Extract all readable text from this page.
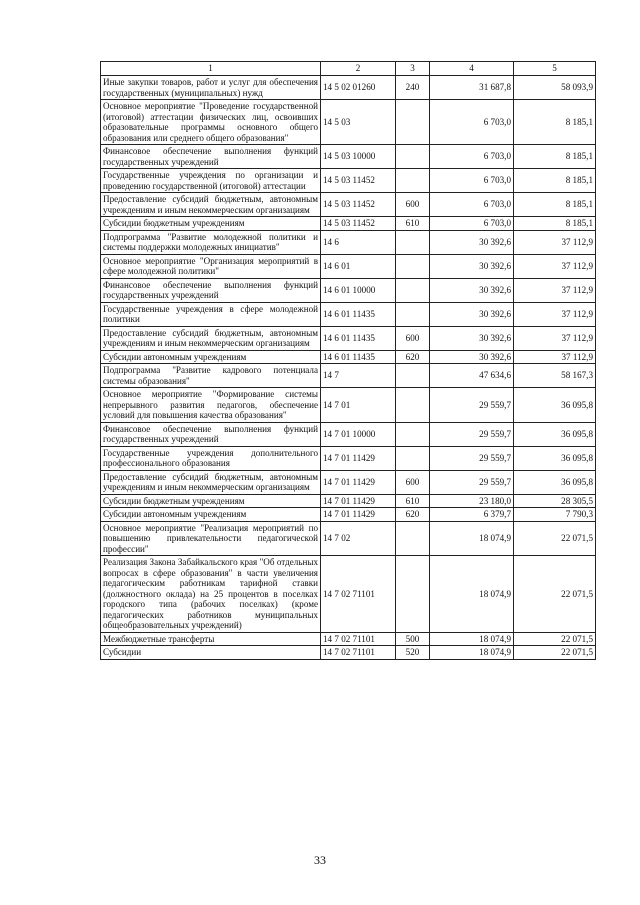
1	2	3	4	5
Иные закупки товаров, работ и услуг для обеспечения государственных (муниципальных) нужд	14 5 02 01260	240	31 687,8	58 093,9
Основное мероприятие "Проведение государственной (итоговой) аттестации физических лиц, освоивших образовательные программы основного общего образования или среднего общего образования"	14 5 03		6 703,0	8 185,1
Финансовое обеспечение выполнения функций государственных учреждений	14 5 03 10000		6 703,0	8 185,1
Государственные учреждения по организации и проведению государственной (итоговой) аттестации	14 5 03 11452		6 703,0	8 185,1
Предоставление субсидий бюджетным, автономным учреждениям и иным некоммерческим организациям	14 5 03 11452	600	6 703,0	8 185,1
Субсидии бюджетным учреждениям	14 5 03 11452	610	6 703,0	8 185,1
Подпрограмма "Развитие молодежной политики и системы поддержки молодежных инициатив"	14 6		30 392,6	37 112,9
Основное мероприятие "Организация мероприятий в сфере молодежной политики"	14 6 01		30 392,6	37 112,9
Финансовое обеспечение выполнения функций государственных учреждений	14 6 01 10000		30 392,6	37 112,9
Государственные учреждения в сфере молодежной политики	14 6 01 11435		30 392,6	37 112,9
Предоставление субсидий бюджетным, автономным учреждениям и иным некоммерческим организациям	14 6 01 11435	600	30 392,6	37 112,9
Субсидии автономным учреждениям	14 6 01 11435	620	30 392,6	37 112,9
Подпрограмма "Развитие кадрового потенциала системы образования"	14 7		47 634,6	58 167,3
Основное мероприятие "Формирование системы непрерывного развития педагогов, обеспечение условий для повышения качества образования"	14 7 01		29 559,7	36 095,8
Финансовое обеспечение выполнения функций государственных учреждений	14 7 01 10000		29 559,7	36 095,8
Государственные учреждения дополнительного профессионального образования	14 7 01 11429		29 559,7	36 095,8
Предоставление субсидий бюджетным, автономным учреждениям и иным некоммерческим организациям	14 7 01 11429	600	29 559,7	36 095,8
Субсидии бюджетным учреждениям	14 7 01 11429	610	23 180,0	28 305,5
Субсидии автономным учреждениям	14 7 01 11429	620	6 379,7	7 790,3
Основное мероприятие "Реализация мероприятий по повышению привлекательности педагогической профессии"	14 7 02		18 074,9	22 071,5
Реализация Закона Забайкальского края "Об отдельных вопросах в сфере образования" в части увеличения педагогическим работникам тарифной ставки (должностного оклада) на 25 процентов в поселках городского типа (рабочих поселках) (кроме педагогических работников муниципальных общеобразовательных учреждений)	14 7 02 71101		18 074,9	22 071,5
Межбюджетные трансферты	14 7 02 71101	500	18 074,9	22 071,5
Субсидии	14 7 02 71101	520	18 074,9	22 071,5
33
